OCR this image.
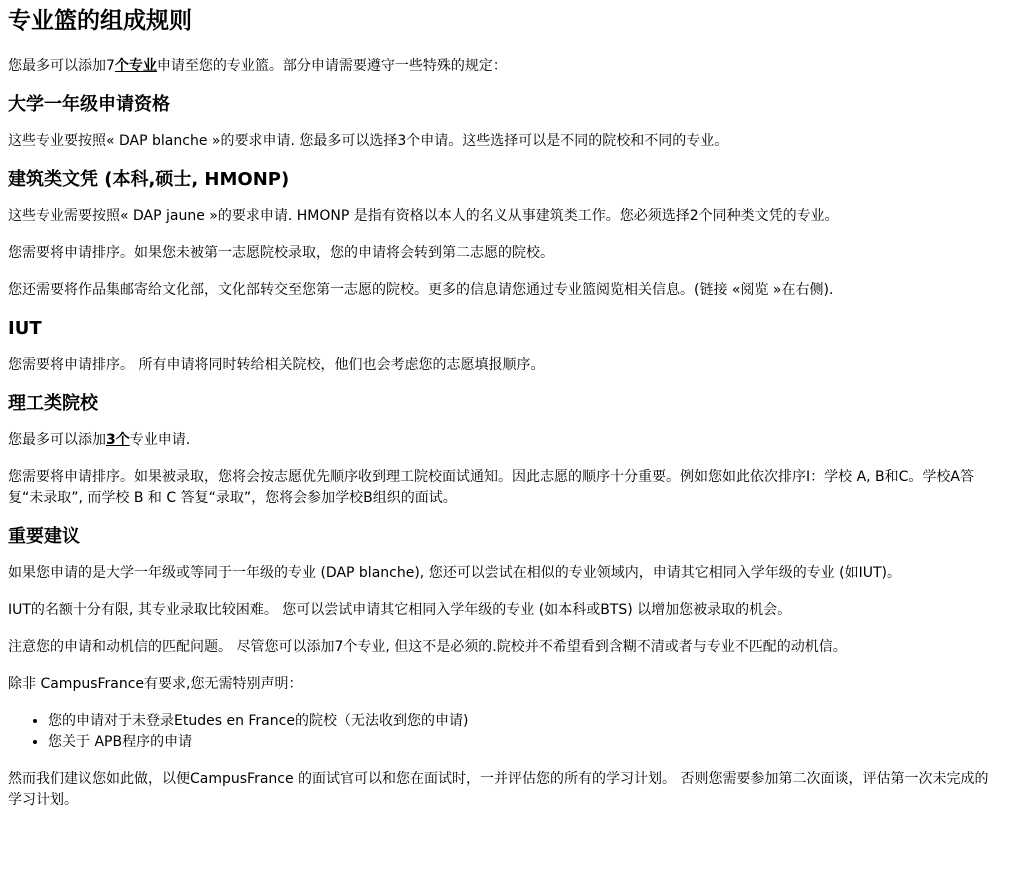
专业篮的组成规则

您最多可以添加7个专业申请至您的专业篮。部分申请需要遵守一些特殊的规定：

大学一年级申请资格

这些专业要按照« DAP blanche »的要求申请. 您最多可以选择3个申请。这些选择可以是不同的院校和不同的专业。

建筑类文凭 (本科,硕士, HMONP)

这些专业需要按照« DAP jaune »的要求申请. HMONP 是指有资格以本人的名义从事建筑类工作。您必须选择2个同种类文凭的专业。

您需要将申请排序。如果您未被第一志愿院校录取，您的申请将会转到第二志愿的院校。

您还需要将作品集邮寄给文化部，文化部转交至您第一志愿的院校。更多的信息请您通过专业篮阅览相关信息。(链接 «阅览 »在右侧).

IUT

您需要将申请排序。 所有申请将同时转给相关院校，他们也会考虑您的志愿填报顺序。

理工类院校

您最多可以添加3个专业申请.

您需要将申请排序。如果被录取，您将会按志愿优先顺序收到理工院校面试通知。因此志愿的顺序十分重要。例如您如此依次排序I：学校 A, B和C。学校A答复“未录取”, 而学校 B 和 C 答复“录取”，您将会参加学校B组织的面试。

重要建议

如果您申请的是大学一年级或等同于一年级的专业 (DAP blanche), 您还可以尝试在相似的专业领域内，申请其它相同入学年级的专业 (如IUT)。

IUT的名额十分有限, 其专业录取比较困难。 您可以尝试申请其它相同入学年级的专业 (如本科或BTS) 以增加您被录取的机会。

注意您的申请和动机信的匹配问题。 尽管您可以添加7个专业, 但这不是必须的.院校并不希望看到含糊不清或者与专业不匹配的动机信。

除非 CampusFrance有要求,您无需特别声明：

• 您的申请对于未登录Etudes en France的院校（无法收到您的申请)
• 您关于 APB程序的申请

然而我们建议您如此做，以便CampusFrance 的面试官可以和您在面试时，一并评估您的所有的学习计划。 否则您需要参加第二次面谈，评估第一次未完成的学习计划。
